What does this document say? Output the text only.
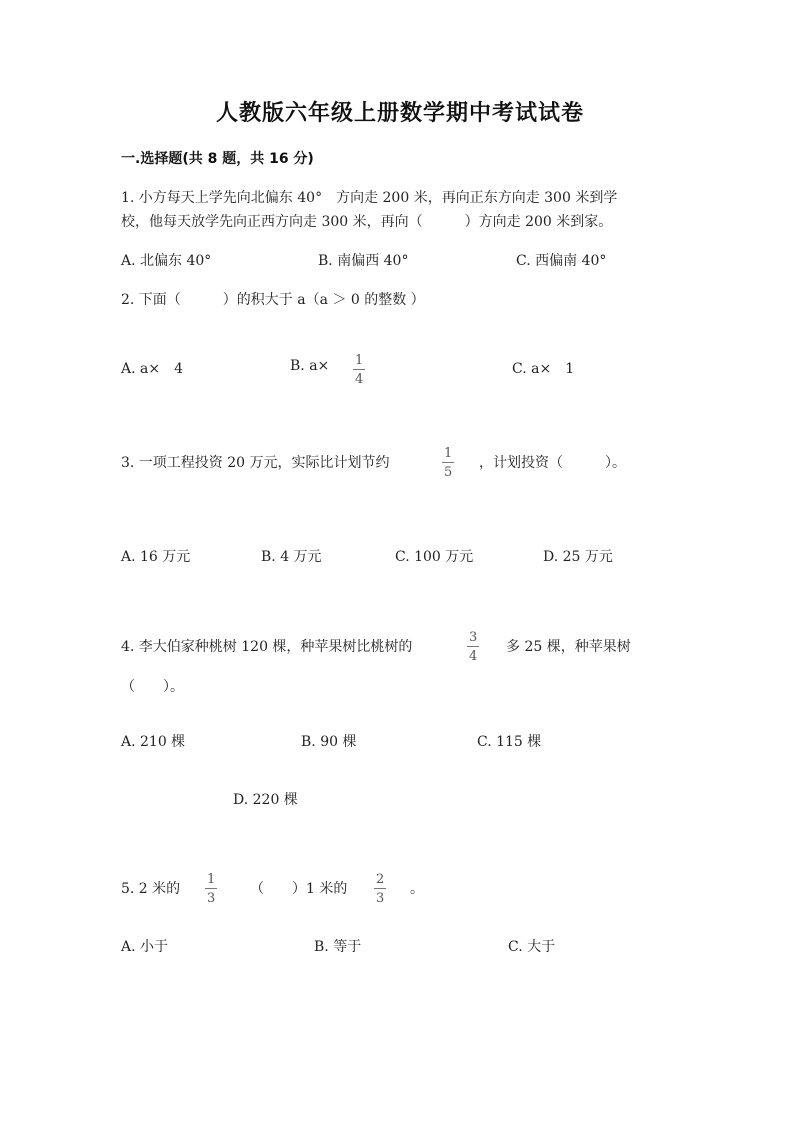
人教版六年级上册数学期中考试试卷
一.选择题(共 8 题，共 16 分)
1. 小方每天上学先向北偏东 40°　方向走 200 米，再向正东方向走 300 米到学
校，他每天放学先向正西方向走 300 米，再向（　　　）方向走 200 米到家。
A. 北偏东 40°	B. 南偏西 40°	C. 西偏南 40°
2. 下面（　　　）的积大于 a（a ＞ 0 的整数 ）
A. a×　4	B. a× 1
4
C. a×　1
3. 一项工程投资 20 万元，实际比计划节约
1
5
，计划投资（　　　）。
A. 16 万元	B. 4 万元	C. 100 万元	D. 25 万元
4. 李大伯家种桃树 120 棵，种苹果树比桃树的
3
4
多 25 棵，种苹果树
（　　）。
A. 210 棵	B. 90 棵	C. 115 棵
D. 220 棵
5. 2 米的
1
3
（　　）1 米的
2
3
。
A. 小于	B. 等于	C. 大于
